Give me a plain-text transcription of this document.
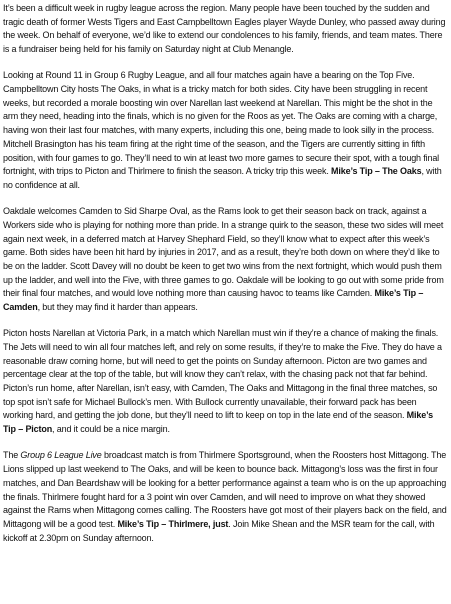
It’s been a difficult week in rugby league across the region. Many people have been touched by the sudden and tragic death of former Wests Tigers and East Campbelltown Eagles player Wayde Dunley, who passed away during the week. On behalf of everyone, we’d like to extend our condolences to his family, friends, and team mates. There is a fundraiser being held for his family on Saturday night at Club Menangle.

Looking at Round 11 in Group 6 Rugby League, and all four matches again have a bearing on the Top Five. Campbelltown City hosts The Oaks, in what is a tricky match for both sides. City have been struggling in recent weeks, but recorded a morale boosting win over Narellan last weekend at Narellan. This might be the shot in the arm they need, heading into the finals, which is no given for the Roos as yet. The Oaks are coming with a charge, having won their last four matches, with many experts, including this one, being made to look silly in the process. Mitchell Brasington has his team firing at the right time of the season, and the Tigers are currently sitting in fifth position, with four games to go. They’ll need to win at least two more games to secure their spot, with a tough final fortnight, with trips to Picton and Thirlmere to finish the season. A tricky trip this week. Mike’s Tip – The Oaks, with no confidence at all.

Oakdale welcomes Camden to Sid Sharpe Oval, as the Rams look to get their season back on track, against a Workers side who is playing for nothing more than pride. In a strange quirk to the season, these two sides will meet again next week, in a deferred match at Harvey Shephard Field, so they’ll know what to expect after this week’s game. Both sides have been hit hard by injuries in 2017, and as a result, they’re both down on where they’d like to be on the ladder. Scott Davey will no doubt be keen to get two wins from the next fortnight, which would push them up the ladder, and well into the Five, with three games to go. Oakdale will be looking to go out with some pride from their final four matches, and would love nothing more than causing havoc to teams like Camden. Mike’s Tip – Camden, but they may find it harder than appears.

Picton hosts Narellan at Victoria Park, in a match which Narellan must win if they’re a chance of making the finals. The Jets will need to win all four matches left, and rely on some results, if they’re to make the Five. They do have a reasonable draw coming home, but will need to get the points on Sunday afternoon. Picton are two games and percentage clear at the top of the table, but will know they can’t relax, with the chasing pack not that far behind. Picton’s run home, after Narellan, isn’t easy, with Camden, The Oaks and Mittagong in the final three matches, so top spot isn’t safe for Michael Bullock’s men. With Bullock currently unavailable, their forward pack has been working hard, and getting the job done, but they’ll need to lift to keep on top in the late end of the season. Mike’s Tip – Picton, and it could be a nice margin.

The Group 6 League Live broadcast match is from Thirlmere Sportsground, when the Roosters host Mittagong. The Lions slipped up last weekend to The Oaks, and will be keen to bounce back. Mittagong’s loss was the first in four matches, and Dan Beardshaw will be looking for a better performance against a team who is on the up approaching the finals. Thirlmere fought hard for a 3 point win over Camden, and will need to improve on what they showed against the Rams when Mittagong comes calling. The Roosters have got most of their players back on the field, and Mittagong will be a good test. Mike’s Tip – Thirlmere, just. Join Mike Shean and the MSR team for the call, with kickoff at 2.30pm on Sunday afternoon.
